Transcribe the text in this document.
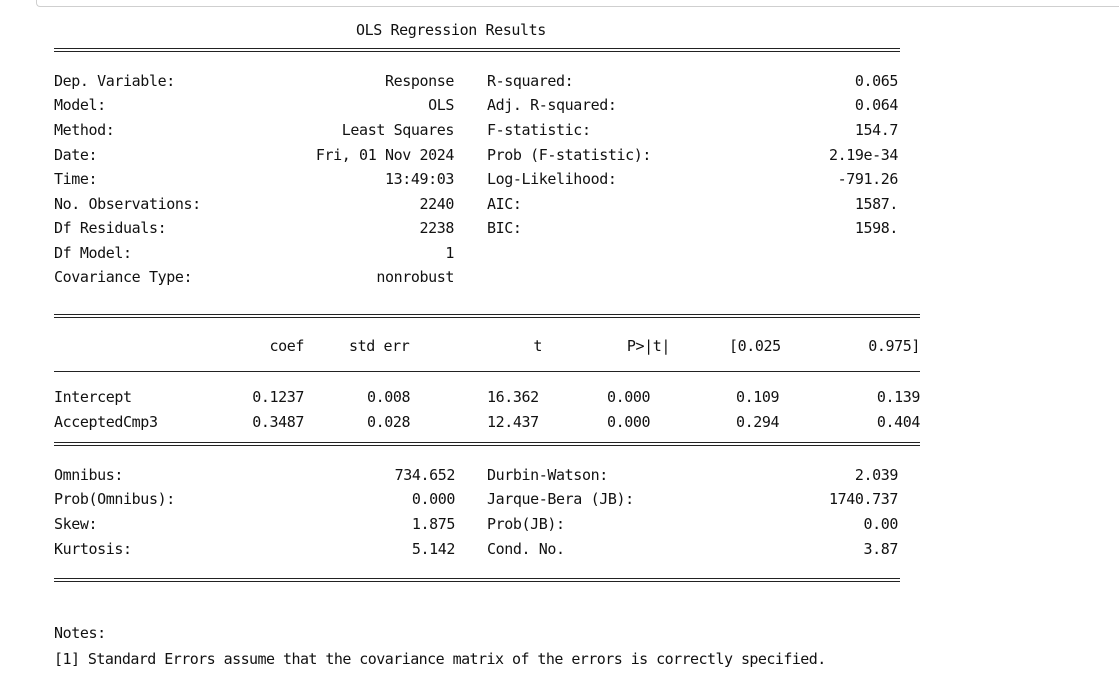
OLS Regression Results
Dep. Variable:	Response R-squared:	0.065
Model:	OLS Adj. R-squared:	0.064
Method:	Least Squares F-statistic:	154.7
Date:	Fri, 01 Nov 2024 Prob (F-statistic):	2.19e-34
Time:	13:49:03 Log-Likelihood:	-791.26
No. Observations:	2240 AIC:	1587.
Df Residuals:	2238 BIC:	1598.
Df Model:	1
Covariance Type:	nonrobust
coef	std err	t	P>|t|	[0.025	0.975]
Intercept	0.1237	0.008	16.362	0.000	0.109	0.139
AcceptedCmp3	0.3487	0.028	12.437	0.000	0.294	0.404
Omnibus:	734.652 Durbin-Watson:	2.039
Prob(Omnibus):	0.000 Jarque-Bera (JB):	1740.737
Skew:	1.875 Prob(JB):	0.00
Kurtosis:	5.142 Cond. No.	3.87
Notes:
[1] Standard Errors assume that the covariance matrix of the errors is correctly specified.
